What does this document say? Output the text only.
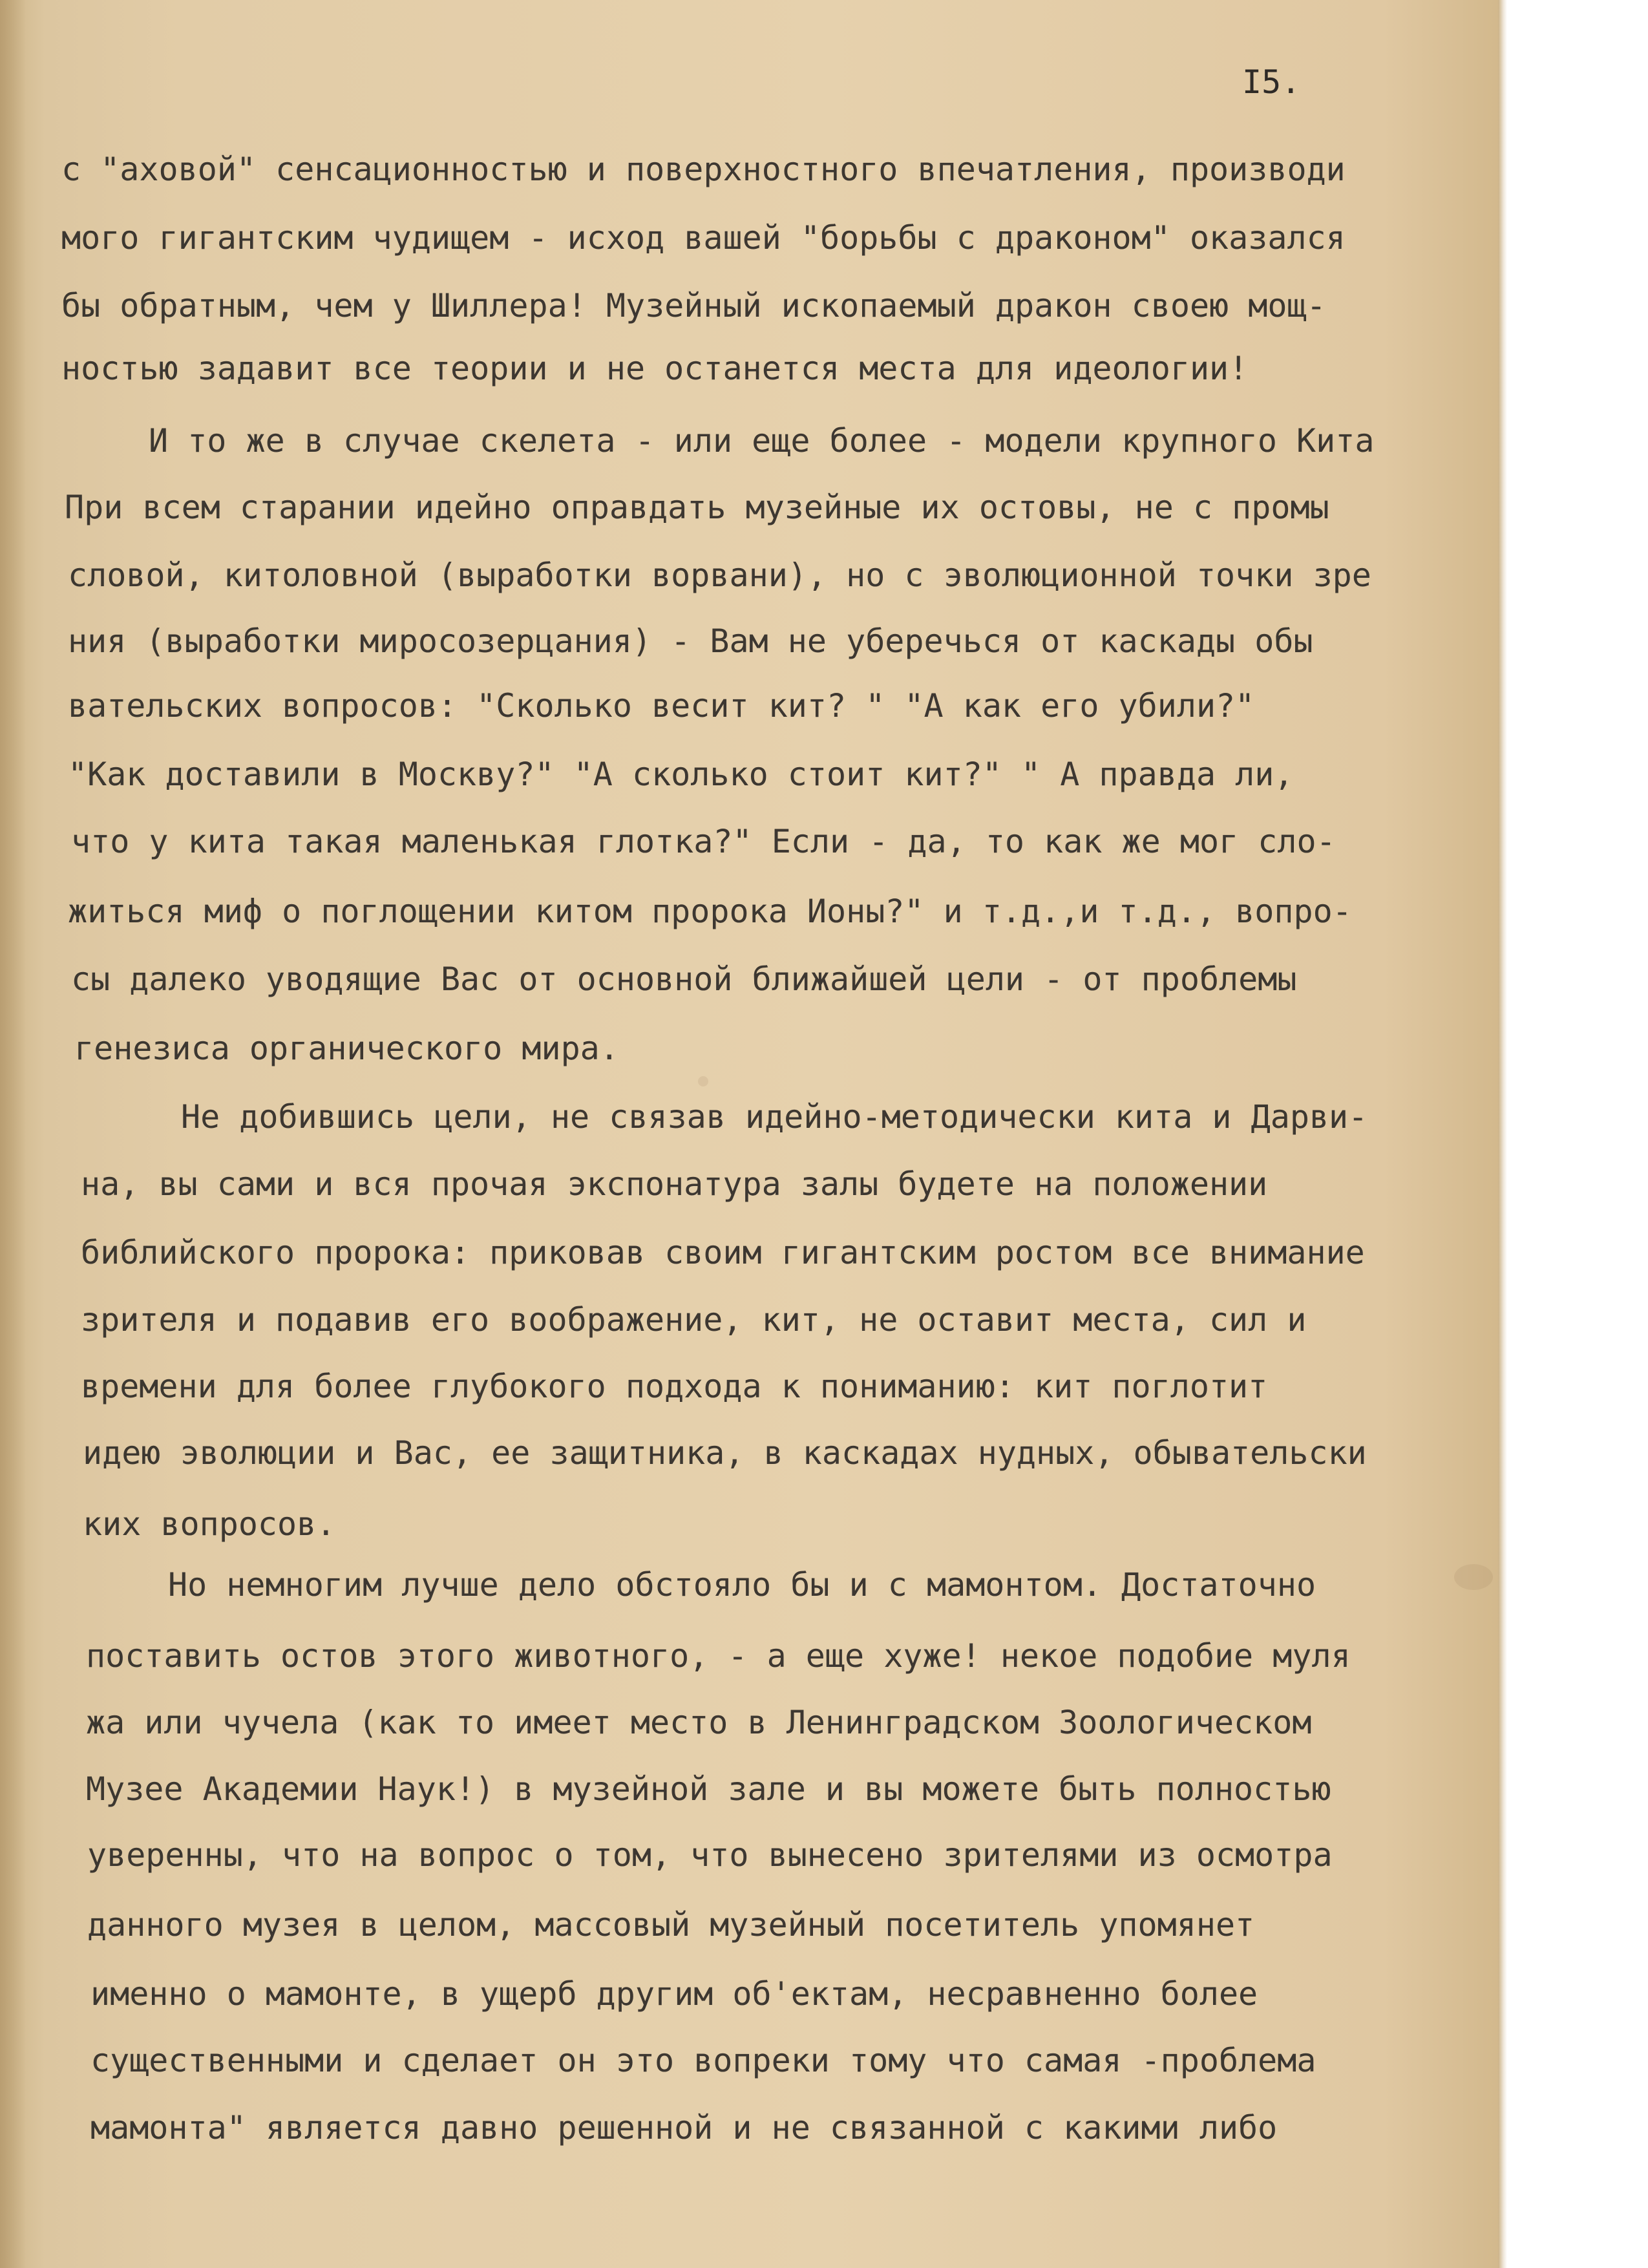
I5.

с "аховой" сенсационностью и поверхностного впечатления, производи

мого гигантским чудищем - исход вашей "борьбы с драконом" оказался

бы обратным, чем у Шиллера! Музейный ископаемый дракон своею мощ-

ностью задавит все теории и не останется места для идеологии!

И то же в случае скелета - или еще более - модели крупного Кита

При всем старании идейно оправдать музейные их остовы, не с промы

словой, китоловной (выработки ворвани), но с эволюционной точки зре

ния (выработки миросозерцания) - Вам не уберечься от каскады обы

вательских вопросов: "Сколько весит кит? " "А как его убили?"

"Как доставили в Москву?" "А сколько стоит кит?" " А правда ли,

что у кита такая маленькая глотка?" Если - да, то как же мог сло-

житься миф о поглощении китом пророка Ионы?" и т.д.,и т.д., вопро-

сы далеко уводящие Вас от основной ближайшей цели - от проблемы

генезиса органического мира.

Не добившись цели, не связав идейно-методически кита и Дарви-

на, вы сами и вся прочая экспонатура залы будете на положении

библийского пророка: приковав своим гигантским ростом все внимание

зрителя и подавив его воображение, кит, не оставит места, сил и

времени для более глубокого подхода к пониманию: кит поглотит

идею эволюции и Вас, ее защитника, в каскадах нудных, обывательски

ких вопросов.

Но немногим лучше дело обстояло бы и с мамонтом. Достаточно

поставить остов этого животного, - а еще хуже! некое подобие муля

жа или чучела (как то имеет место в Ленинградском Зоологическом

Музее Академии Наук!) в музейной зале и вы можете быть полностью

уверенны, что на вопрос о том, что вынесено зрителями из осмотра

данного музея в целом, массовый музейный посетитель упомянет

именно о мамонте, в ущерб другим об'ектам, несравненно более

существенными и сделает он это вопреки тому что самая -проблема

мамонта" является давно решенной и не связанной с какими либо
